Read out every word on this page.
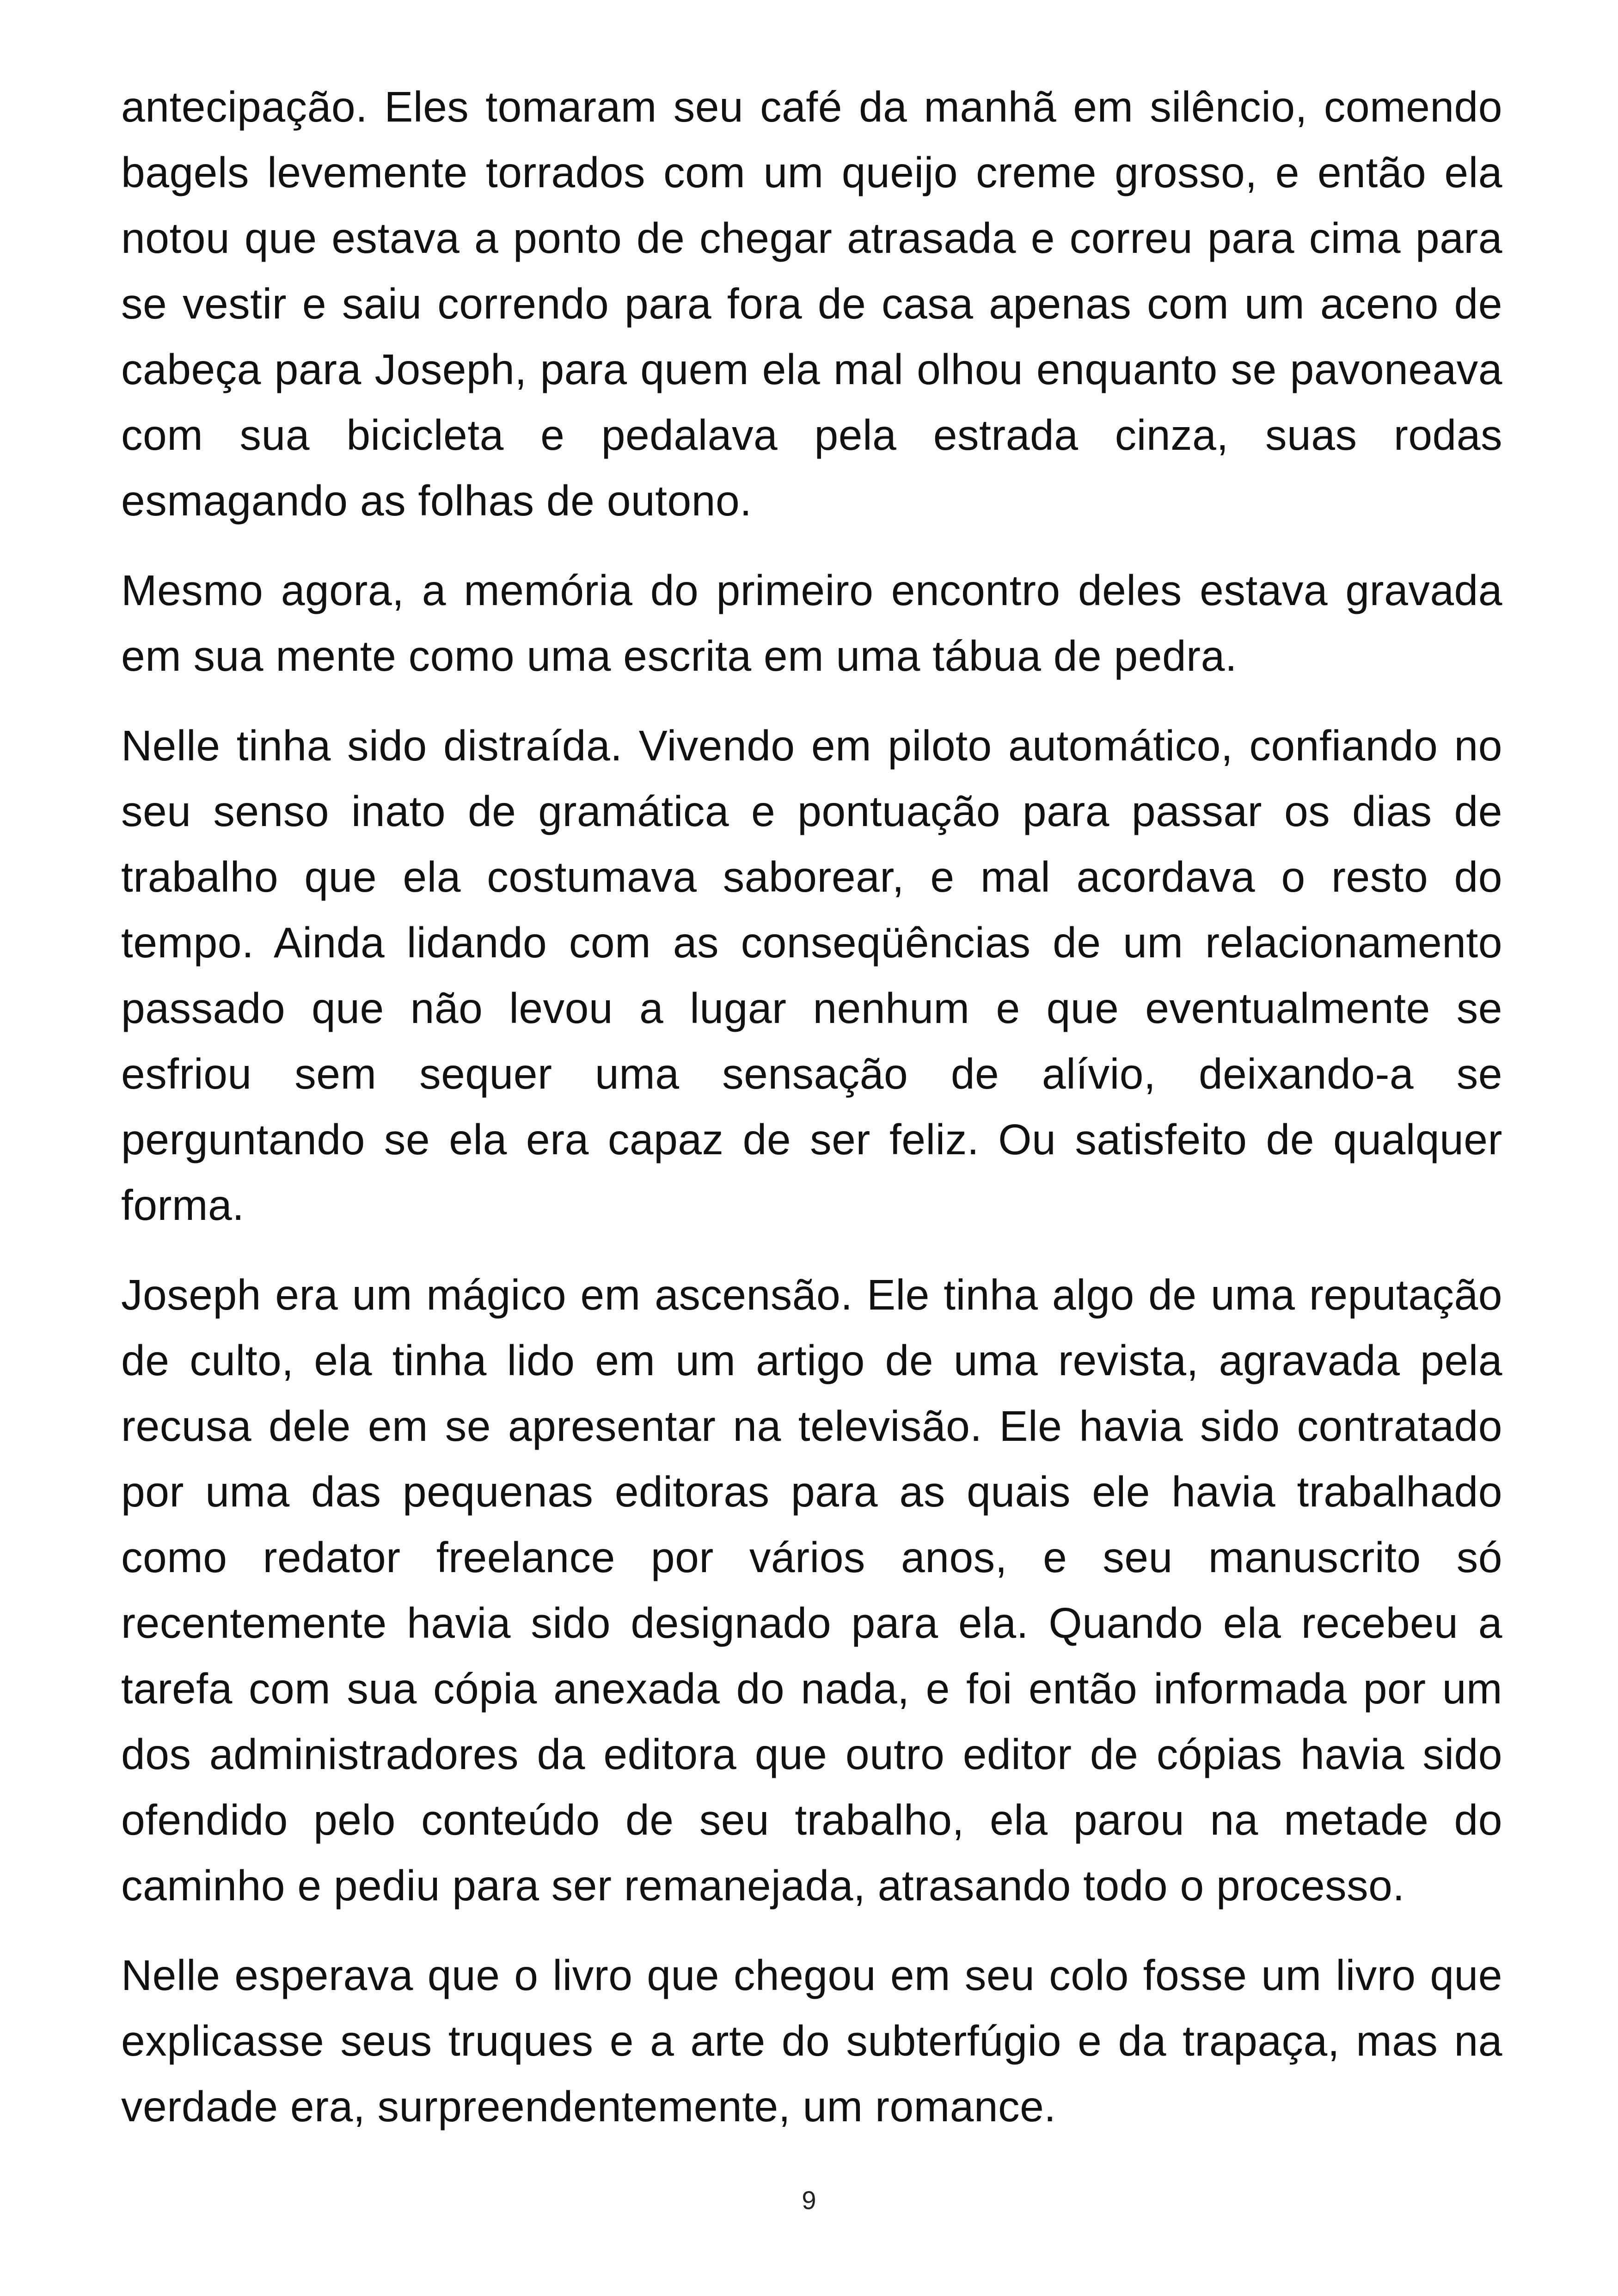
antecipação. Eles tomaram seu café da manhã em silêncio, comendo bagels levemente torrados com um queijo creme grosso, e então ela notou que estava a ponto de chegar atrasada e correu para cima para se vestir e saiu correndo para fora de casa apenas com um aceno de cabeça para Joseph, para quem ela mal olhou enquanto se pavoneava com sua bicicleta e pedalava pela estrada cinza, suas rodas esmagando as folhas de outono.

Mesmo agora, a memória do primeiro encontro deles estava gravada em sua mente como uma escrita em uma tábua de pedra.

Nelle tinha sido distraída. Vivendo em piloto automático, confiando no seu senso inato de gramática e pontuação para passar os dias de trabalho que ela costumava saborear, e mal acordava o resto do tempo. Ainda lidando com as conseqüências de um relacionamento passado que não levou a lugar nenhum e que eventualmente se esfriou sem sequer uma sensação de alívio, deixando-a se perguntando se ela era capaz de ser feliz. Ou satisfeito de qualquer forma.

Joseph era um mágico em ascensão. Ele tinha algo de uma reputação de culto, ela tinha lido em um artigo de uma revista, agravada pela recusa dele em se apresentar na televisão. Ele havia sido contratado por uma das pequenas editoras para as quais ele havia trabalhado como redator freelance por vários anos, e seu manuscrito só recentemente havia sido designado para ela. Quando ela recebeu a tarefa com sua cópia anexada do nada, e foi então informada por um dos administradores da editora que outro editor de cópias havia sido ofendido pelo conteúdo de seu trabalho, ela parou na metade do caminho e pediu para ser remanejada, atrasando todo o processo.

Nelle esperava que o livro que chegou em seu colo fosse um livro que explicasse seus truques e a arte do subterfúgio e da trapaça, mas na verdade era, surpreendentemente, um romance.

9
